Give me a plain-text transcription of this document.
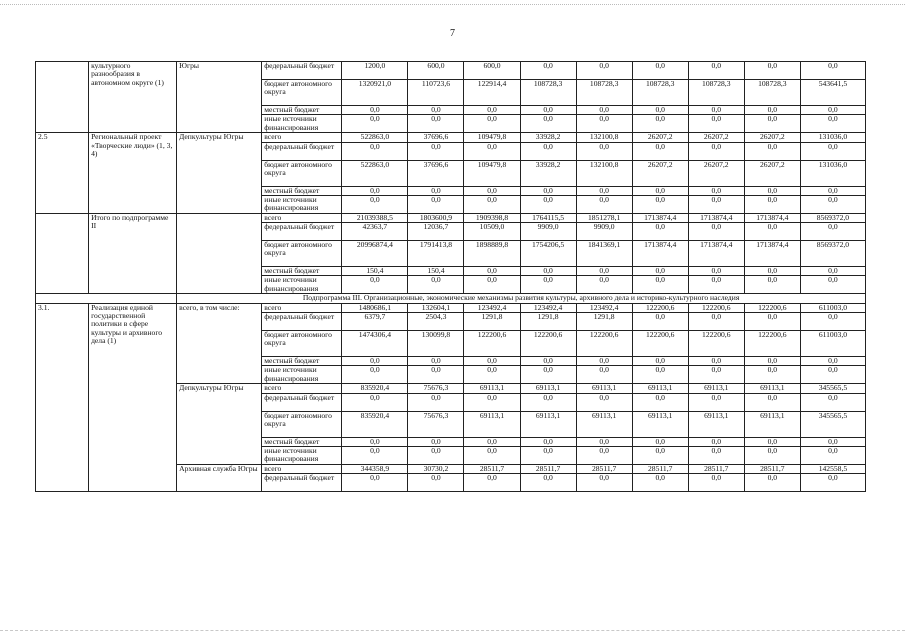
7
	культурного разнообразия в автономном округе (1)	Югры	федеральный бюджет	1200,0	600,0	600,0	0,0	0,0	0,0	0,0	0,0	0,0
			бюджет автономного округа	1320921,0	110723,6	122914,4	108728,3	108728,3	108728,3	108728,3	108728,3	543641,5
			местный бюджет	0,0	0,0	0,0	0,0	0,0	0,0	0,0	0,0	0,0
			иные источники финансирования	0,0	0,0	0,0	0,0	0,0	0,0	0,0	0,0	0,0
2.5	Региональный проект «Творческие люди» (1, 3, 4)	Депкультуры Югры	всего	522863,0	37696,6	109479,8	33928,2	132100,8	26207,2	26207,2	26207,2	131036,0
			федеральный бюджет	0,0	0,0	0,0	0,0	0,0	0,0	0,0	0,0	0,0
			бюджет автономного округа	522863,0	37696,6	109479,8	33928,2	132100,8	26207,2	26207,2	26207,2	131036,0
			местный бюджет	0,0	0,0	0,0	0,0	0,0	0,0	0,0	0,0	0,0
			иные источники финансирования	0,0	0,0	0,0	0,0	0,0	0,0	0,0	0,0	0,0
	Итого по подпрограмме II		всего	21039388,5	1803600,9	1909398,8	1764115,5	1851278,1	1713874,4	1713874,4	1713874,4	8569372,0
			федеральный бюджет	42363,7	12036,7	10509,0	9909,0	9909,0	0,0	0,0	0,0	0,0
			бюджет автономного округа	20996874,4	1791413,8	1898889,8	1754206,5	1841369,1	1713874,4	1713874,4	1713874,4	8569372,0
			местный бюджет	150,4	150,4	0,0	0,0	0,0	0,0	0,0	0,0	0,0
			иные источники финансирования	0,0	0,0	0,0	0,0	0,0	0,0	0,0	0,0	0,0
		Подпрограмма III. Организационные, экономические механизмы развития культуры, архивного дела и историко-культурного наследия										
3.1.	Реализация единой государственной политики в сфере культуры и архивного дела (1)	всего, в том числе:	всего	1480686,1	132604,1	123492,4	123492,4	123492,4	122200,6	122200,6	122200,6	611003,0
			федеральный бюджет	6379,7	2504,3	1291,8	1291,8	1291,8	0,0	0,0	0,0	0,0
			бюджет автономного округа	1474306,4	130099,8	122200,6	122200,6	122200,6	122200,6	122200,6	122200,6	611003,0
			местный бюджет	0,0	0,0	0,0	0,0	0,0	0,0	0,0	0,0	0,0
			иные источники финансирования	0,0	0,0	0,0	0,0	0,0	0,0	0,0	0,0	0,0
		Депкультуры Югры	всего	835920,4	75676,3	69113,1	69113,1	69113,1	69113,1	69113,1	69113,1	345565,5
			федеральный бюджет	0,0	0,0	0,0	0,0	0,0	0,0	0,0	0,0	0,0
			бюджет автономного округа	835920,4	75676,3	69113,1	69113,1	69113,1	69113,1	69113,1	69113,1	345565,5
			местный бюджет	0,0	0,0	0,0	0,0	0,0	0,0	0,0	0,0	0,0
			иные источники финансирования	0,0	0,0	0,0	0,0	0,0	0,0	0,0	0,0	0,0
		Архивная служба Югры	всего	344358,9	30730,2	28511,7	28511,7	28511,7	28511,7	28511,7	28511,7	142558,5
			федеральный бюджет	0,0	0,0	0,0	0,0	0,0	0,0	0,0	0,0	0,0
